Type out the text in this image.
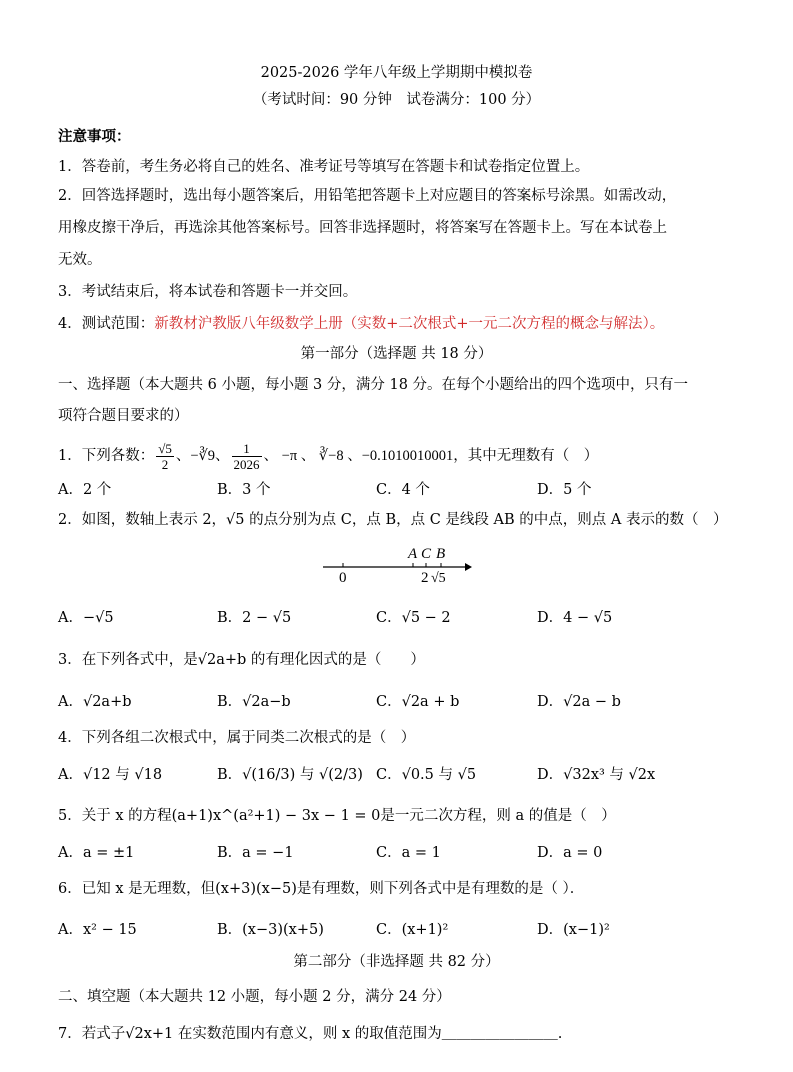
2025-2026 学年八年级上学期期中模拟卷
（考试时间：90 分钟　试卷满分：100 分）
注意事项：
1．答卷前，考生务必将自己的姓名、准考证号等填写在答题卡和试卷指定位置上。
2．回答选择题时，选出每小题答案后，用铅笔把答题卡上对应题目的答案标号涂黑。如需改动，
用橡皮擦干净后，再选涂其他答案标号。回答非选择题时，将答案写在答题卡上。写在本试卷上
无效。
3．考试结束后，将本试卷和答题卡一并交回。
4．测试范围：新教材沪教版八年级数学上册（实数+二次根式+一元二次方程的概念与解法）。
第一部分（选择题 共 18 分）
一、选择题（本大题共 6 小题，每小题 3 分，满分 18 分。在每个小题给出的四个选项中，只有一
项符合题目要求的）
1．下列各数： $\frac{√5}{2}$ 、−∛9、 $\frac{1}{2026}$ 、 −π 、 ∛−8 、−0.1010010001，其中无理数有（　）
A．2 个	B．3 个	C．4 个	D．5 个
2．如图，数轴上表示 2，√5 的点分别为点 C，点 B，点 C 是线段 AB 的中点，则点 A 表示的数（　）
A C B
0	2 √5
A．−√5	B．2 − √5	C．√5 − 2	D．4 − √5
3．在下列各式中，是√2a+b 的有理化因式的是（　　）
A．√2a+b	B．√2a−b	C．√2a + b	D．√2a − b
4．下列各组二次根式中，属于同类二次根式的是（　）
A．√12 与 √18	B．√(16/3) 与 √(2/3) C．√0.5 与 √5	D．√32x³ 与 √2x
5．关于 x 的方程(a+1)x^(a²+1) − 3x − 1 = 0是一元二次方程，则 a 的值是（　）
A．a = ±1	B．a = −1	C．a = 1	D．a = 0
6．已知 x 是无理数，但(x+3)(x−5)是有理数，则下列各式中是有理数的是（ ）．
A．x² − 15	B．(x−3)(x+5)	C．(x+1)²	D．(x−1)²
第二部分（非选择题 共 82 分）
二、填空题（本大题共 12 小题，每小题 2 分，满分 24 分）
7．若式子√2x+1 在实数范围内有意义，则 x 的取值范围为＿＿＿＿＿＿＿＿.
